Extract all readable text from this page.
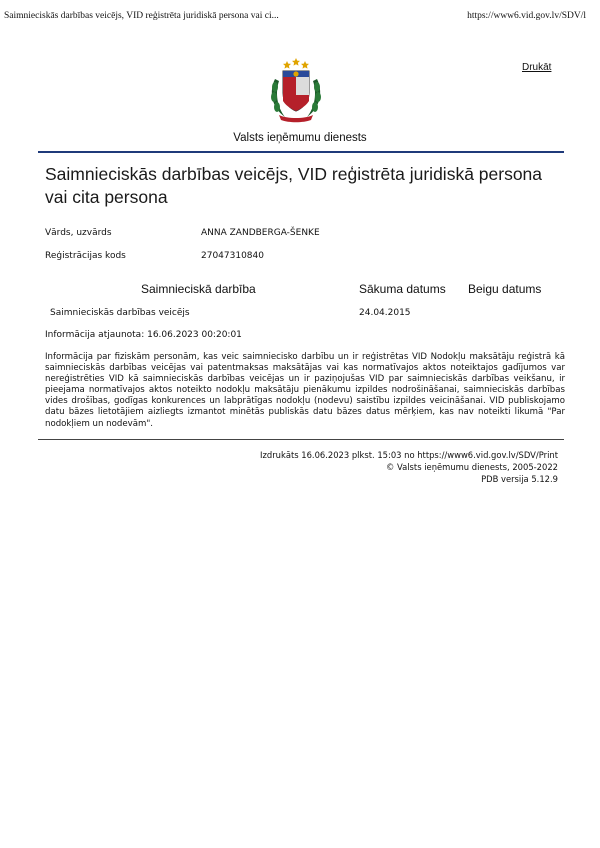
Saimnieciskās darbības veicējs, VID reģistrēta juridiskā persona vai ci...	https://www6.vid.gov.lv/SDV/l
Drukāt
Valsts ieņēmumu dienests
Saimnieciskās darbības veicējs, VID reģistrēta juridiskā persona vai cita persona
Vārds, uzvārds	ANNA ZANDBERGA-ŠENKE
Reģistrācijas kods	27047310840
Saimnieciskā darbība	Sākuma datums Beigu datums
Saimnieciskās darbības veicējs	24.04.2015
Informācija atjaunota: 16.06.2023 00:20:01
Informācija par fiziskām personām, kas veic saimniecisko darbību un ir reģistrētas VID Nodokļu maksātāju reģistrā kā saimnieciskās darbības veicējas vai patentmaksas maksātājas vai kas normatīvajos aktos noteiktajos gadījumos var nereģistrēties VID kā saimnieciskās darbības veicējas un ir paziņojušas VID par saimnieciskās darbības veikšanu, ir pieejama normatīvajos aktos noteikto nodokļu maksātāju pienākumu izpildes nodrošināšanai, saimnieciskās darbības vides drošības, godīgas konkurences un labprātīgas nodokļu (nodevu) saistību izpildes veicināšanai. VID publiskojamo datu bāzes lietotājiem aizliegts izmantot minētās publiskās datu bāzes datus mērķiem, kas nav noteikti likumā "Par nodokļiem un nodevām".
Izdrukāts 16.06.2023 plkst. 15:03 no https://www6.vid.gov.lv/SDV/Print
© Valsts ieņēmumu dienests, 2005-2022
PDB versija 5.12.9
